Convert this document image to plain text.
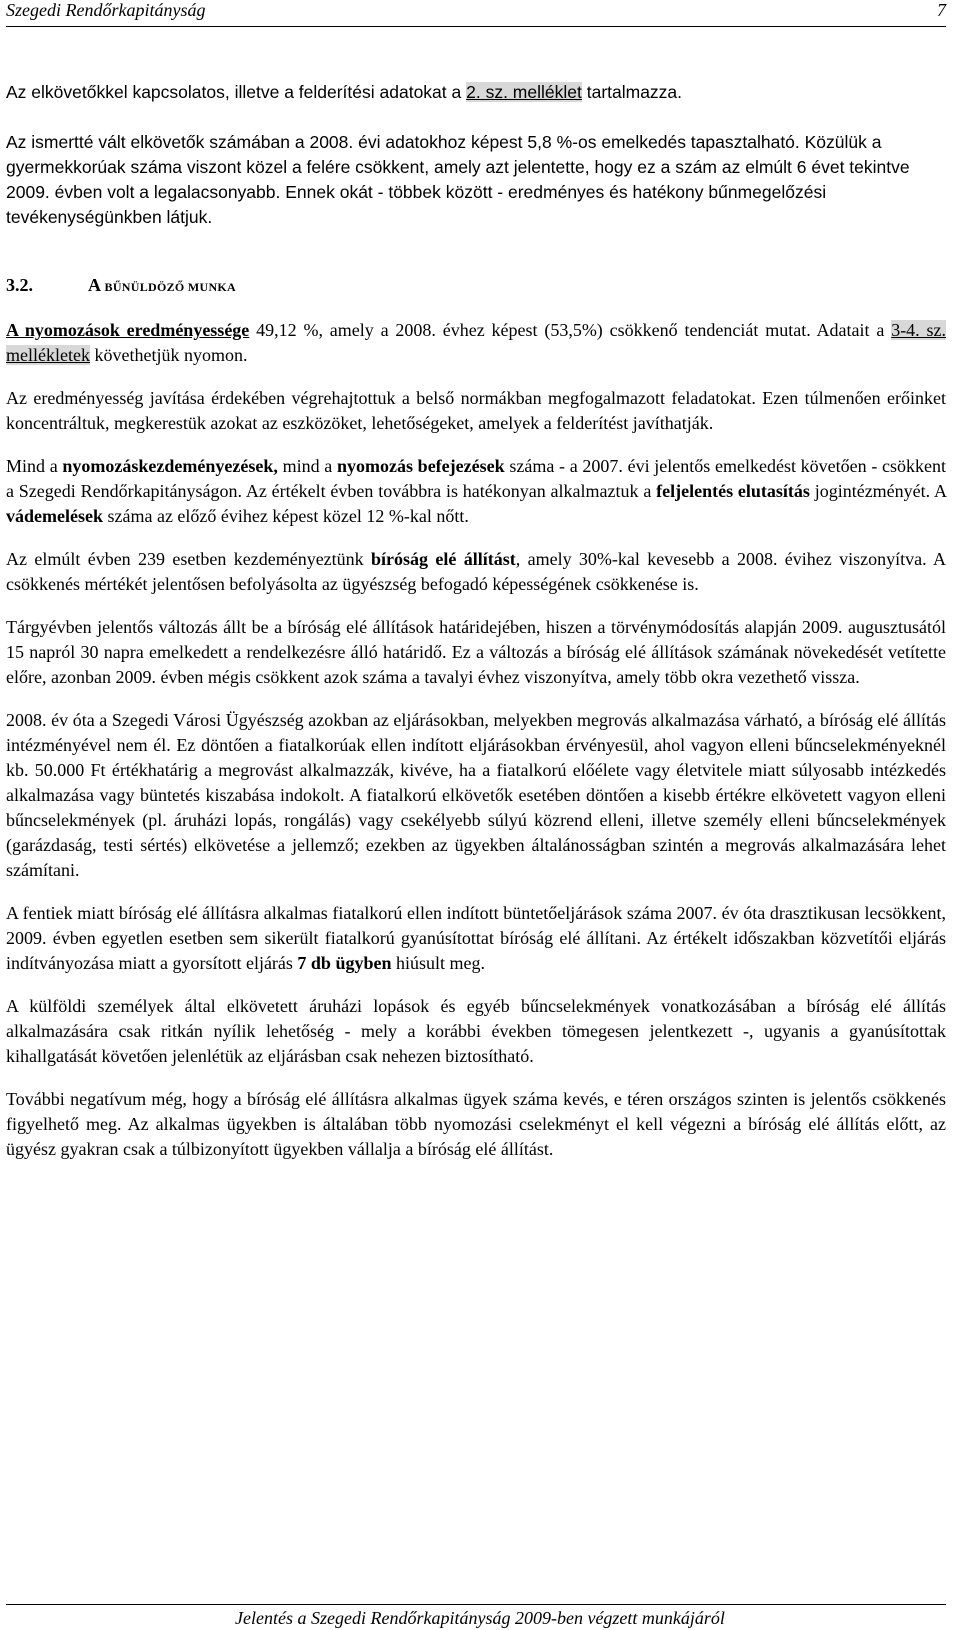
Szegedi Rendőrkapitányság	7

Az elkövetőkkel kapcsolatos, illetve a felderítési adatokat a 2. sz. melléklet tartalmazza.

Az ismertté vált elkövetők számában a 2008. évi adatokhoz képest 5,8 %-os emelkedés tapasztalható. Közülük a gyermekkorúak száma viszont közel a felére csökkent, amely azt jelentette, hogy ez a szám az elmúlt 6 évet tekintve 2009. évben volt a legalacsonyabb. Ennek okát - többek között - eredményes és hatékony bűnmegelőzési tevékenységünkben látjuk.

3.2.	A BŰNÜLDÖZŐ MUNKA

A nyomozások eredményessége 49,12 %, amely a 2008. évhez képest (53,5%) csökkenő tendenciát mutat. Adatait a 3-4. sz. mellékletek követhetjük nyomon.

Az eredményesség javítása érdekében végrehajtottuk a belső normákban megfogalmazott feladatokat. Ezen túlmenően erőinket koncentráltuk, megkerestük azokat az eszközöket, lehetőségeket, amelyek a felderítést javíthatják.

Mind a nyomozáskezdeményezések, mind a nyomozás befejezések száma - a 2007. évi jelentős emelkedést követően - csökkent a Szegedi Rendőrkapitányságon. Az értékelt évben továbbra is hatékonyan alkalmaztuk a feljelentés elutasítás jogintézményét. A vádemelések száma az előző évihez képest közel 12 %-kal nőtt.

Az elmúlt évben 239 esetben kezdeményeztünk bíróság elé állítást, amely 30%-kal kevesebb a 2008. évihez viszonyítva. A csökkenés mértékét jelentősen befolyásolta az ügyészség befogadó képességének csökkenése is.

Tárgyévben jelentős változás állt be a bíróság elé állítások határidejében, hiszen a törvénymódosítás alapján 2009. augusztusától 15 napról 30 napra emelkedett a rendelkezésre álló határidő. Ez a változás a bíróság elé állítások számának növekedését vetítette előre, azonban 2009. évben mégis csökkent azok száma a tavalyi évhez viszonyítva, amely több okra vezethető vissza.

2008. év óta a Szegedi Városi Ügyészség azokban az eljárásokban, melyekben megrovás alkalmazása várható, a bíróság elé állítás intézményével nem él. Ez döntően a fiatalkorúak ellen indított eljárásokban érvényesül, ahol vagyon elleni bűncselekményeknél kb. 50.000 Ft értékhatárig a megrovást alkalmazzák, kivéve, ha a fiatalkorú előélete vagy életvitele miatt súlyosabb intézkedés alkalmazása vagy büntetés kiszabása indokolt. A fiatalkorú elkövetők esetében döntően a kisebb értékre elkövetett vagyon elleni bűncselekmények (pl. áruházi lopás, rongálás) vagy csekélyebb súlyú közrend elleni, illetve személy elleni bűncselekmények (garázdaság, testi sértés) elkövetése a jellemző; ezekben az ügyekben általánosságban szintén a megrovás alkalmazására lehet számítani.

A fentiek miatt bíróság elé állításra alkalmas fiatalkorú ellen indított büntetőeljárások száma 2007. év óta drasztikusan lecsökkent, 2009. évben egyetlen esetben sem sikerült fiatalkorú gyanúsítottat bíróság elé állítani. Az értékelt időszakban közvetítői eljárás indítványozása miatt a gyorsított eljárás 7 db ügyben hiúsult meg.

A külföldi személyek által elkövetett áruházi lopások és egyéb bűncselekmények vonatkozásában a bíróság elé állítás alkalmazására csak ritkán nyílik lehetőség - mely a korábbi években tömegesen jelentkezett -, ugyanis a gyanúsítottak kihallgatását követően jelenlétük az eljárásban csak nehezen biztosítható.

További negatívum még, hogy a bíróság elé állításra alkalmas ügyek száma kevés, e téren országos szinten is jelentős csökkenés figyelhető meg. Az alkalmas ügyekben is általában több nyomozási cselekményt el kell végezni a bíróság elé állítás előtt, az ügyész gyakran csak a túlbizonyított ügyekben vállalja a bíróság elé állítást.

Jelentés a Szegedi Rendőrkapitányság 2009-ben végzett munkájáról
